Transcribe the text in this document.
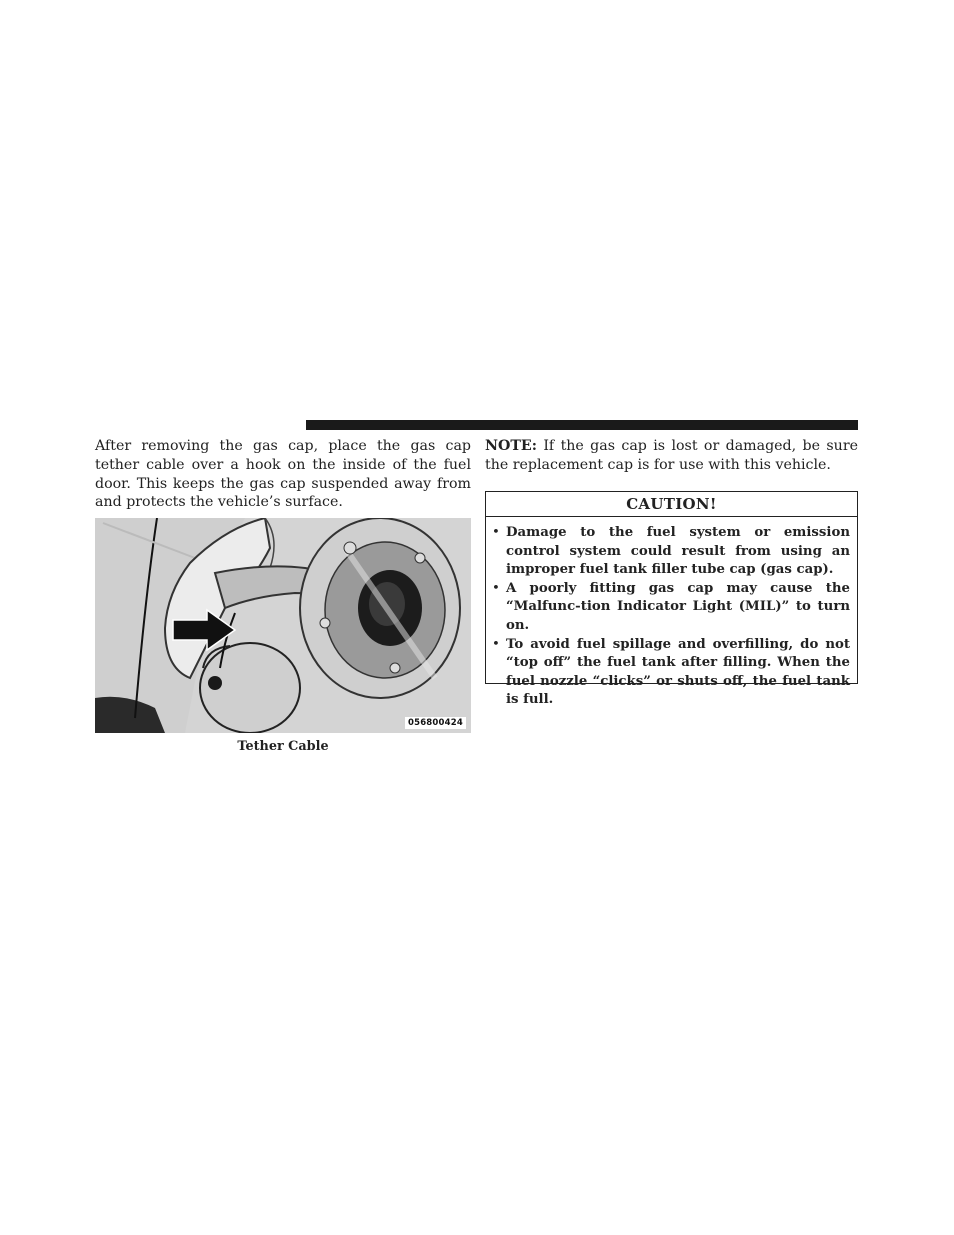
After removing the gas cap, place the gas cap tether cable over a hook on the inside of the fuel door. This keeps the gas cap suspended away from and protects the vehicle’s surface.

056800424
Tether Cable

NOTE: If the gas cap is lost or damaged, be sure the replacement cap is for use with this vehicle.

CAUTION!
• Damage to the fuel system or emission control system could result from using an improper fuel tank filler tube cap (gas cap).
• A poorly fitting gas cap may cause the “Malfunc-tion Indicator Light (MIL)” to turn on.
• To avoid fuel spillage and overfilling, do not “top off” the fuel tank after filling. When the fuel nozzle “clicks” or shuts off, the fuel tank is full.
